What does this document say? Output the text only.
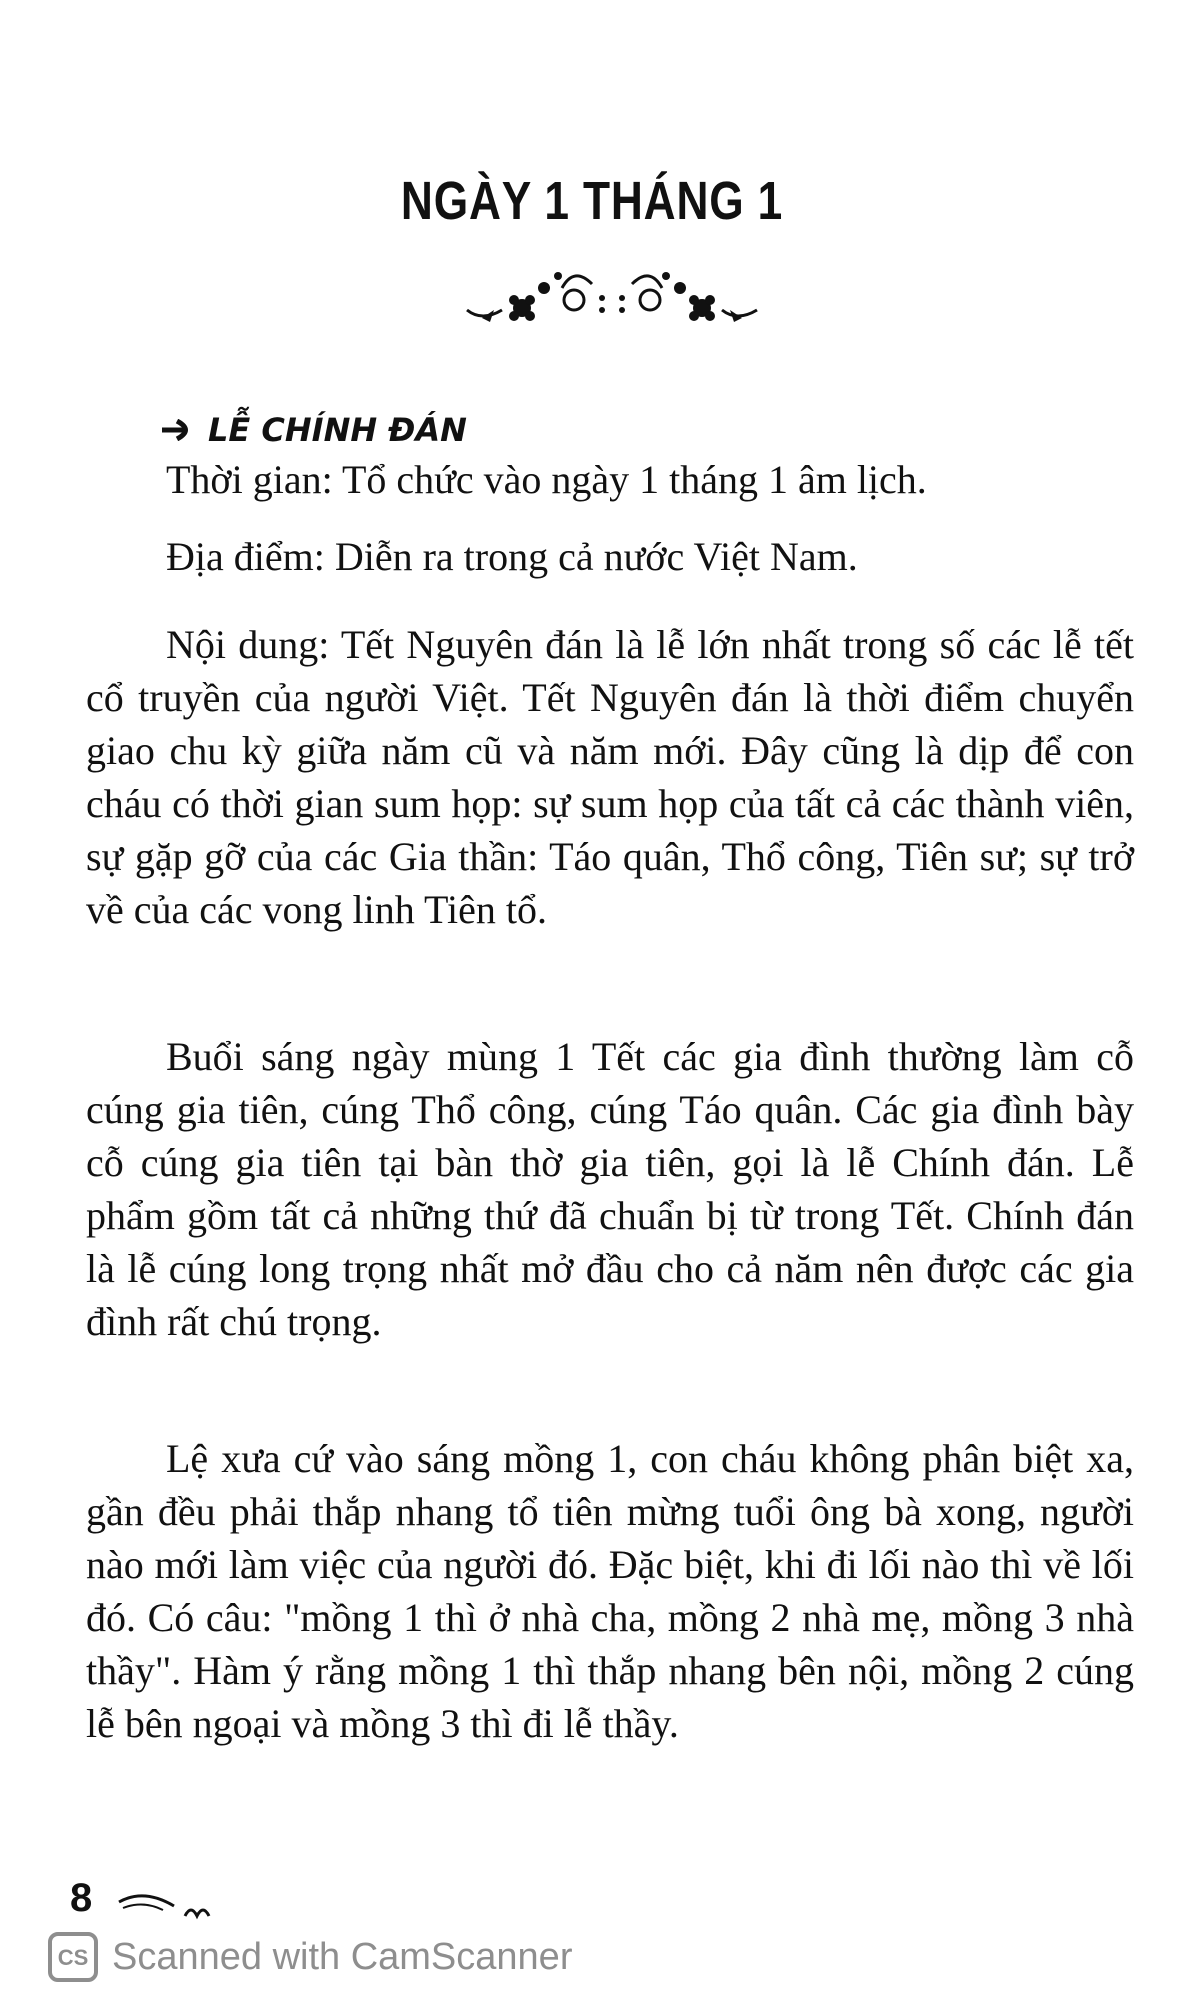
NGÀY 1 THÁNG 1
LỄ CHÍNH ĐÁN

Thời gian: Tổ chức vào ngày 1 tháng 1 âm lịch.

Địa điểm: Diễn ra trong cả nước Việt Nam.

Nội dung: Tết Nguyên đán là lễ lớn nhất trong số các lễ tết cổ truyền của người Việt. Tết Nguyên đán là thời điểm chuyển giao chu kỳ giữa năm cũ và năm mới. Đây cũng là dịp để con cháu có thời gian sum họp: sự sum họp của tất cả các thành viên, sự gặp gỡ của các Gia thần: Táo quân, Thổ công, Tiên sư; sự trở về của các vong linh Tiên tổ.

Buổi sáng ngày mùng 1 Tết các gia đình thường làm cỗ cúng gia tiên, cúng Thổ công, cúng Táo quân. Các gia đình bày cỗ cúng gia tiên tại bàn thờ gia tiên, gọi là lễ Chính đán. Lễ phẩm gồm tất cả những thứ đã chuẩn bị từ trong Tết. Chính đán là lễ cúng long trọng nhất mở đầu cho cả năm nên được các gia đình rất chú trọng.

Lệ xưa cứ vào sáng mồng 1, con cháu không phân biệt xa, gần đều phải thắp nhang tổ tiên mừng tuổi ông bà xong, người nào mới làm việc của người đó. Đặc biệt, khi đi lối nào thì về lối đó. Có câu: "mồng 1 thì ở nhà cha, mồng 2 nhà mẹ, mồng 3 nhà thầy". Hàm ý rằng mồng 1 thì thắp nhang bên nội, mồng 2 cúng lễ bên ngoại và mồng 3 thì đi lễ thầy.

8
CS Scanned with CamScanner
